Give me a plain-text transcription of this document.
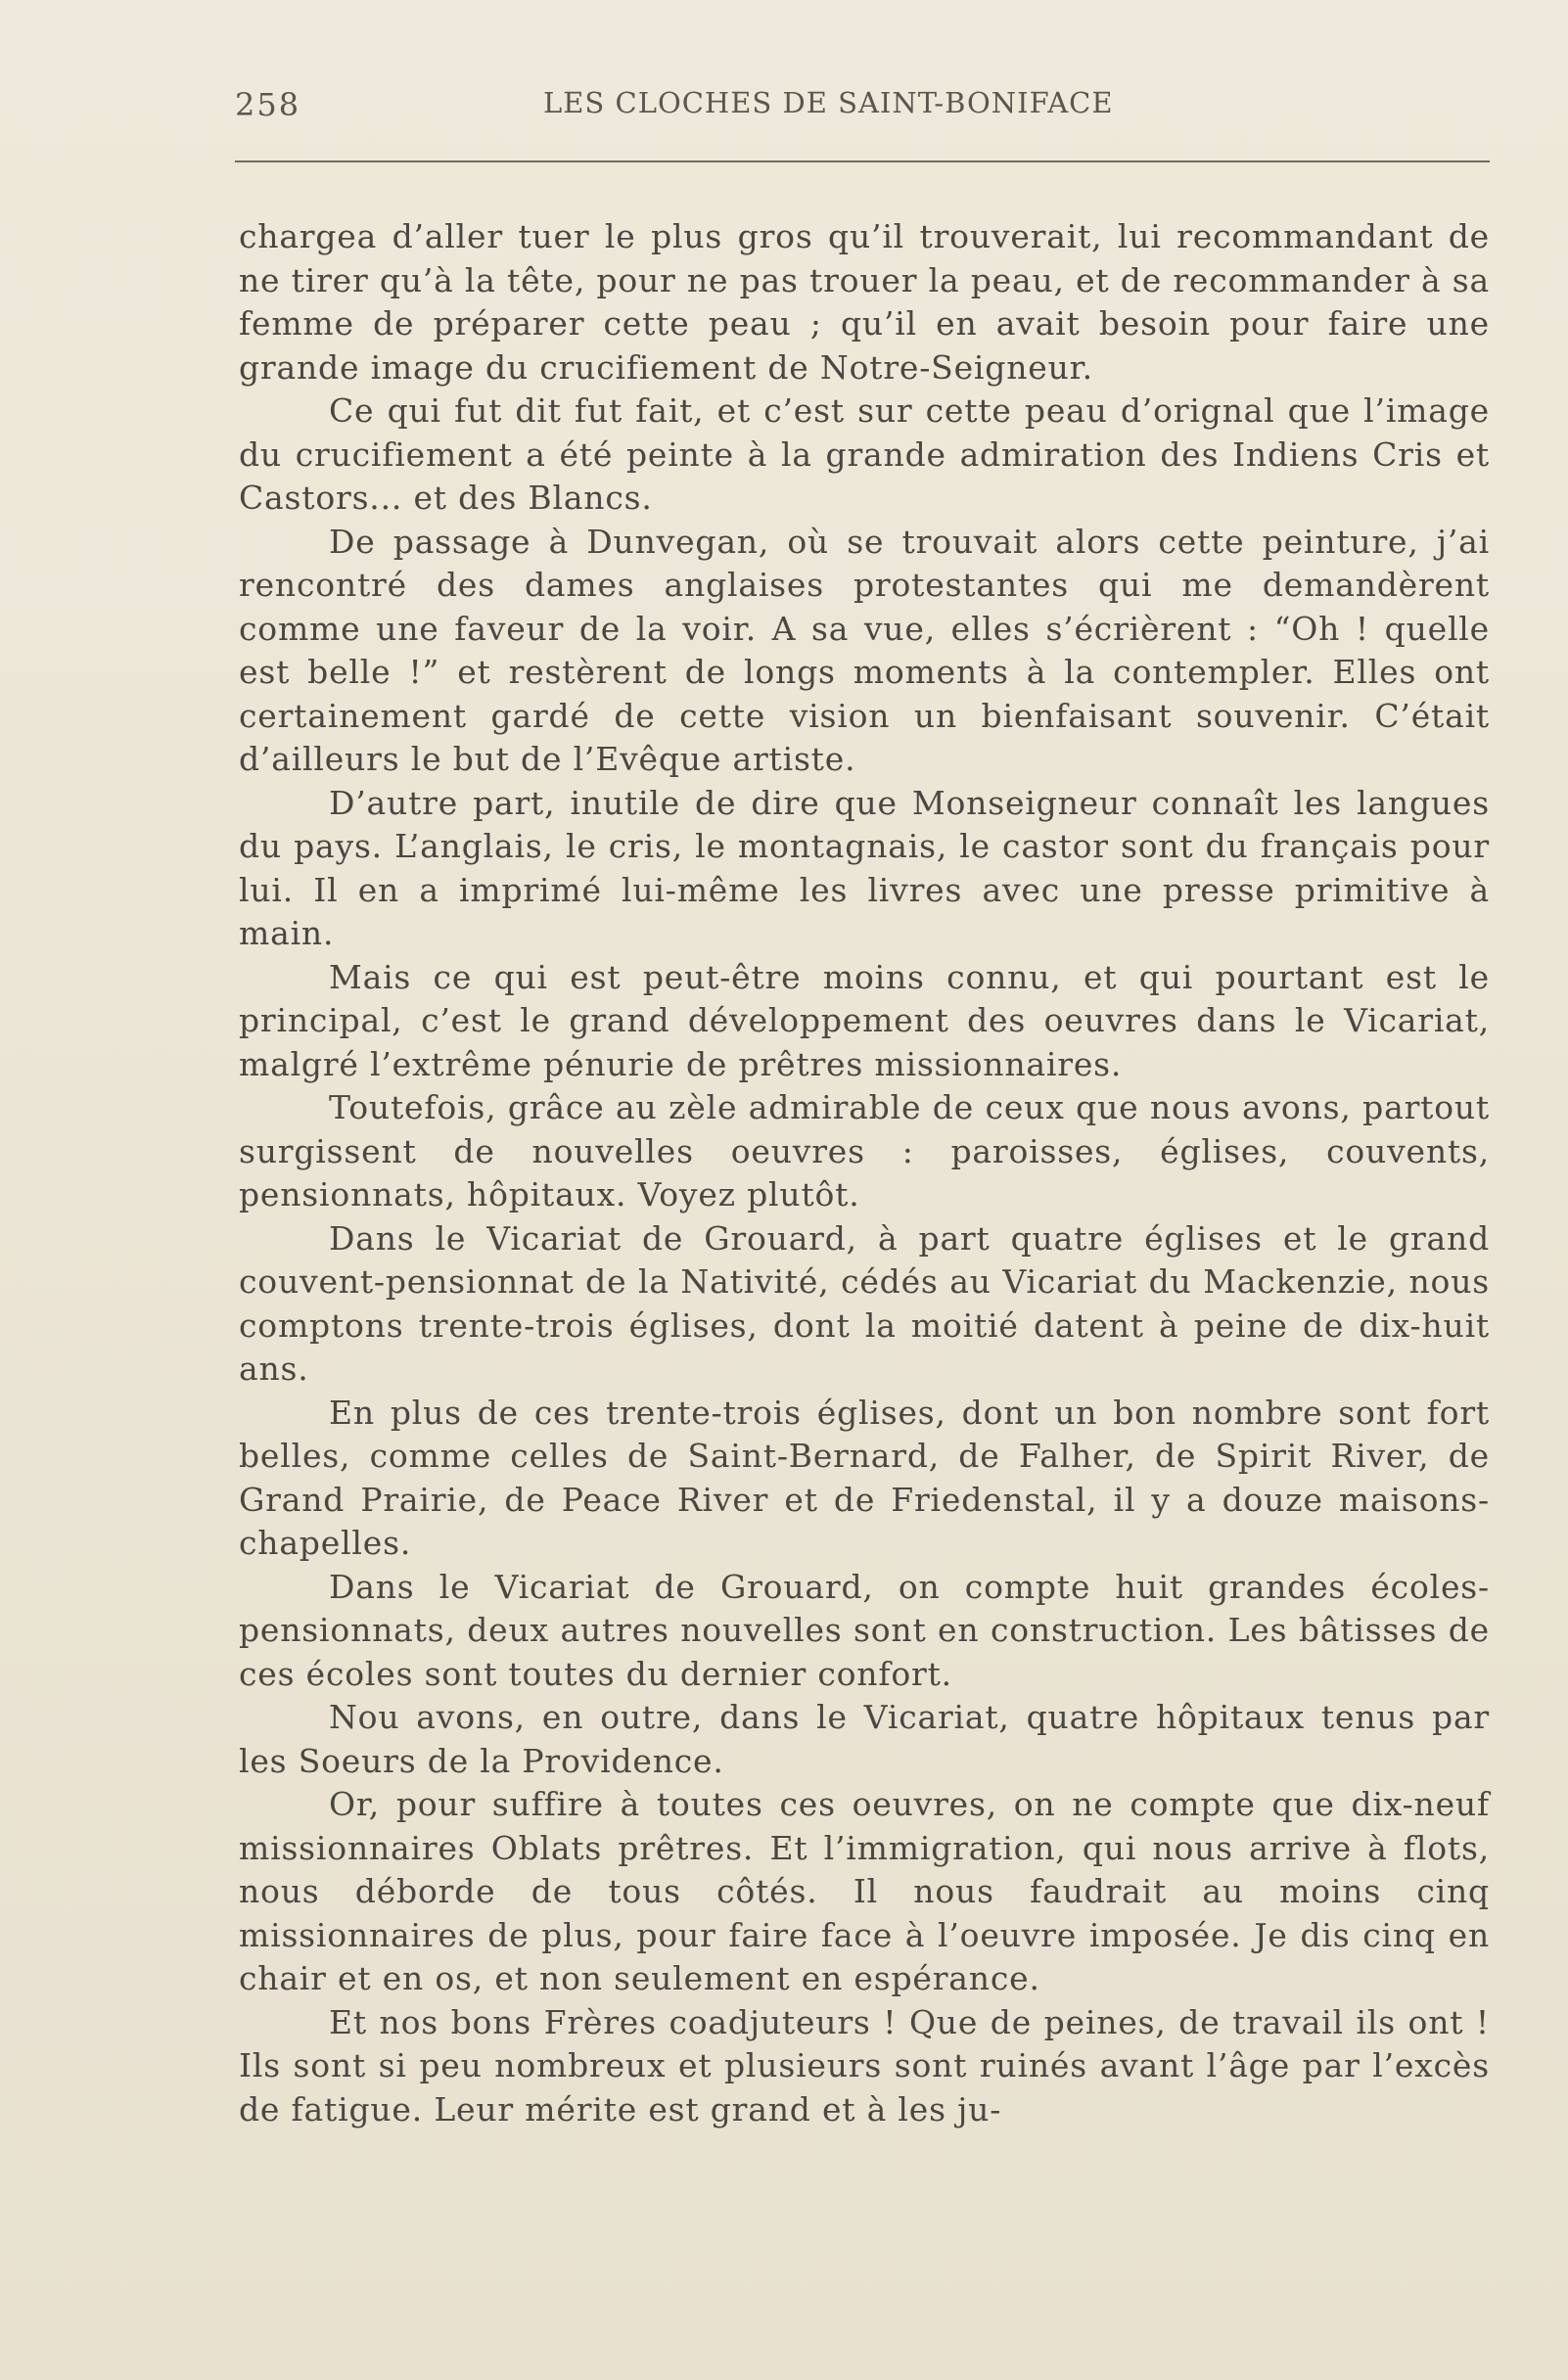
258	LES CLOCHES DE SAINT-BONIFACE

chargea d’aller tuer le plus gros qu’il trouverait, lui recommandant de ne tirer qu’à la tête, pour ne pas trouer la peau, et de recommander à sa femme de préparer cette peau ; qu’il en avait besoin pour faire une grande image du crucifiement de Notre-Seigneur.

Ce qui fut dit fut fait, et c’est sur cette peau d’orignal que l’image du crucifiement a été peinte à la grande admiration des Indiens Cris et Castors... et des Blancs.

De passage à Dunvegan, où se trouvait alors cette peinture, j’ai rencontré des dames anglaises protestantes qui me demandèrent comme une faveur de la voir. A sa vue, elles s’écrièrent : “Oh ! quelle est belle !” et restèrent de longs moments à la contempler. Elles ont certainement gardé de cette vision un bienfaisant souvenir. C’était d’ailleurs le but de l’Evêque artiste.

D’autre part, inutile de dire que Monseigneur connaît les langues du pays. L’anglais, le cris, le montagnais, le castor sont du français pour lui. Il en a imprimé lui-même les livres avec une presse primitive à main.

Mais ce qui est peut-être moins connu, et qui pourtant est le principal, c’est le grand développement des oeuvres dans le Vicariat, malgré l’extrême pénurie de prêtres missionnaires.

Toutefois, grâce au zèle admirable de ceux que nous avons, partout surgissent de nouvelles oeuvres : paroisses, églises, couvents, pensionnats, hôpitaux. Voyez plutôt.

Dans le Vicariat de Grouard, à part quatre églises et le grand couvent-pensionnat de la Nativité, cédés au Vicariat du Mackenzie, nous comptons trente-trois églises, dont la moitié datent à peine de dix-huit ans.

En plus de ces trente-trois églises, dont un bon nombre sont fort belles, comme celles de Saint-Bernard, de Falher, de Spirit River, de Grand Prairie, de Peace River et de Friedenstal, il y a douze maisons-chapelles.

Dans le Vicariat de Grouard, on compte huit grandes écoles-pensionnats, deux autres nouvelles sont en construction. Les bâtisses de ces écoles sont toutes du dernier confort.

Nou avons, en outre, dans le Vicariat, quatre hôpitaux tenus par les Soeurs de la Providence.

Or, pour suffire à toutes ces oeuvres, on ne compte que dix-neuf missionnaires Oblats prêtres. Et l’immigration, qui nous arrive à flots, nous déborde de tous côtés. Il nous faudrait au moins cinq missionnaires de plus, pour faire face à l’oeuvre imposée. Je dis cinq en chair et en os, et non seulement en espérance.

Et nos bons Frères coadjuteurs ! Que de peines, de travail ils ont ! Ils sont si peu nombreux et plusieurs sont ruinés avant l’âge par l’excès de fatigue. Leur mérite est grand et à les ju-
